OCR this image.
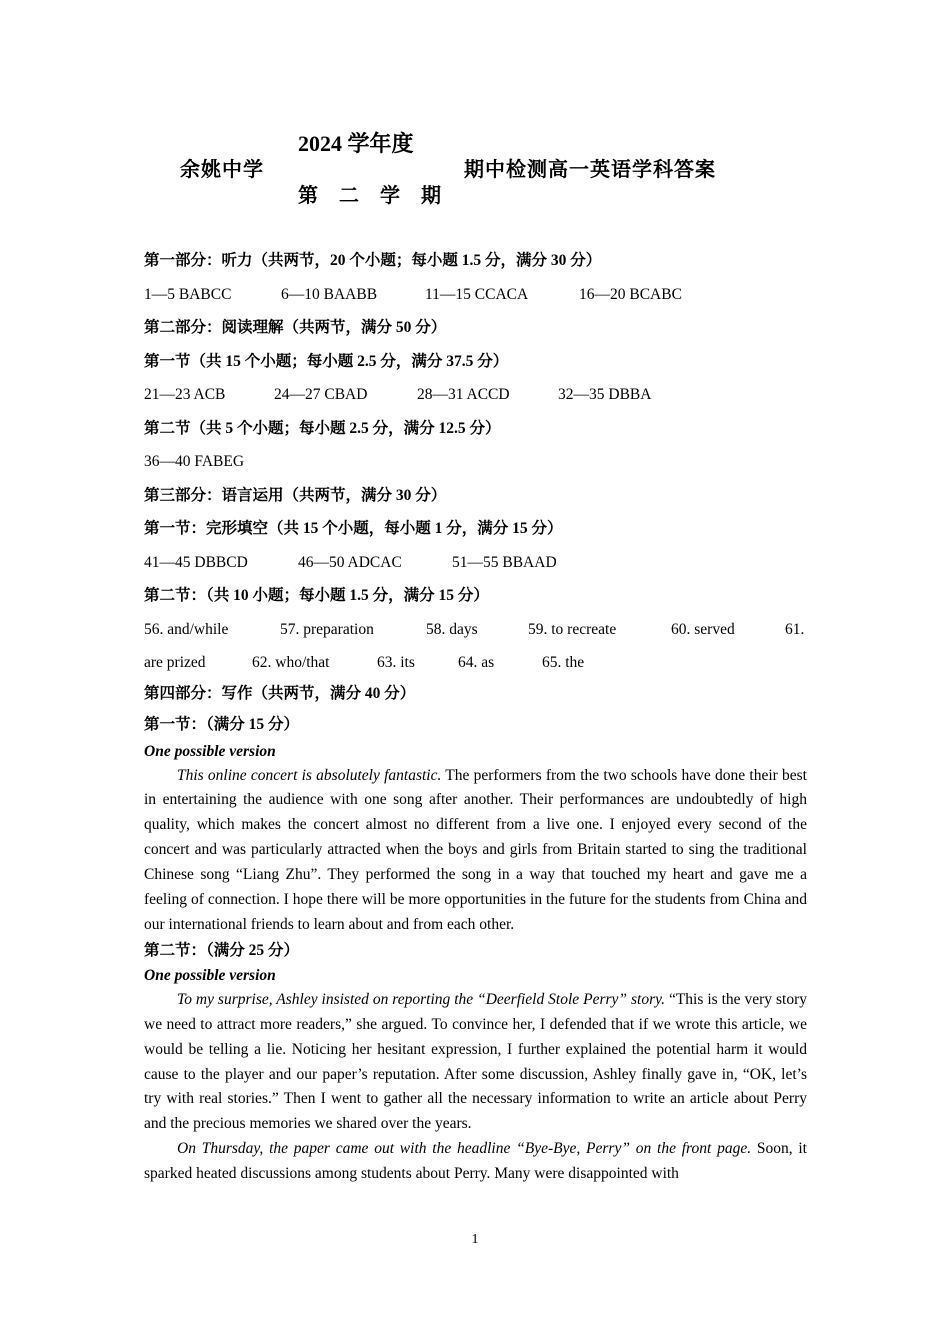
2024 学年度
余姚中学
第 二 学 期
期中检测高一英语学科答案
第一部分：听力（共两节，20 个小题；每小题 1.5 分，满分 30 分）
1—5 BABCC	6—10 BAABB	11—15 CCACA	16—20 BCABC
第二部分：阅读理解（共两节，满分 50 分）
第一节（共 15 个小题；每小题 2.5 分，满分 37.5 分）
21—23 ACB	24—27 CBAD	28—31 ACCD	32—35 DBBA
第二节（共 5 个小题；每小题 2.5 分，满分 12.5 分）
36—40 FABEG
第三部分：语言运用（共两节，满分 30 分）
第一节：完形填空（共 15 个小题，每小题 1 分，满分 15 分）
41—45 DBBCD	46—50 ADCAC	51—55 BBAAD
第二节：（共 10 小题；每小题 1.5 分，满分 15 分）
56. and/while	57. preparation	58. days	59. to recreate	60. served	61.
are prized	62. who/that	63. its	64. as	65. the
第四部分：写作（共两节，满分 40 分）
第一节：（满分 15 分）
One possible version

This online concert is absolutely fantastic. The performers from the two schools have done their best in entertaining the audience with one song after another. Their performances are undoubtedly of high quality, which makes the concert almost no different from a live one. I enjoyed every second of the concert and was particularly attracted when the boys and girls from Britain started to sing the traditional Chinese song “Liang Zhu”. They performed the song in a way that touched my heart and gave me a feeling of connection. I hope there will be more opportunities in the future for the students from China and our international friends to learn about and from each other.

第二节：（满分 25 分）
One possible version

To my surprise, Ashley insisted on reporting the “Deerfield Stole Perry” story. “This is the very story we need to attract more readers,” she argued. To convince her, I defended that if we wrote this article, we would be telling a lie. Noticing her hesitant expression, I further explained the potential harm it would cause to the player and our paper’s reputation. After some discussion, Ashley finally gave in, “OK, let’s try with real stories.” Then I went to gather all the necessary information to write an article about Perry and the precious memories we shared over the years.

On Thursday, the paper came out with the headline “Bye-Bye, Perry” on the front page. Soon, it sparked heated discussions among students about Perry. Many were disappointed with

1
